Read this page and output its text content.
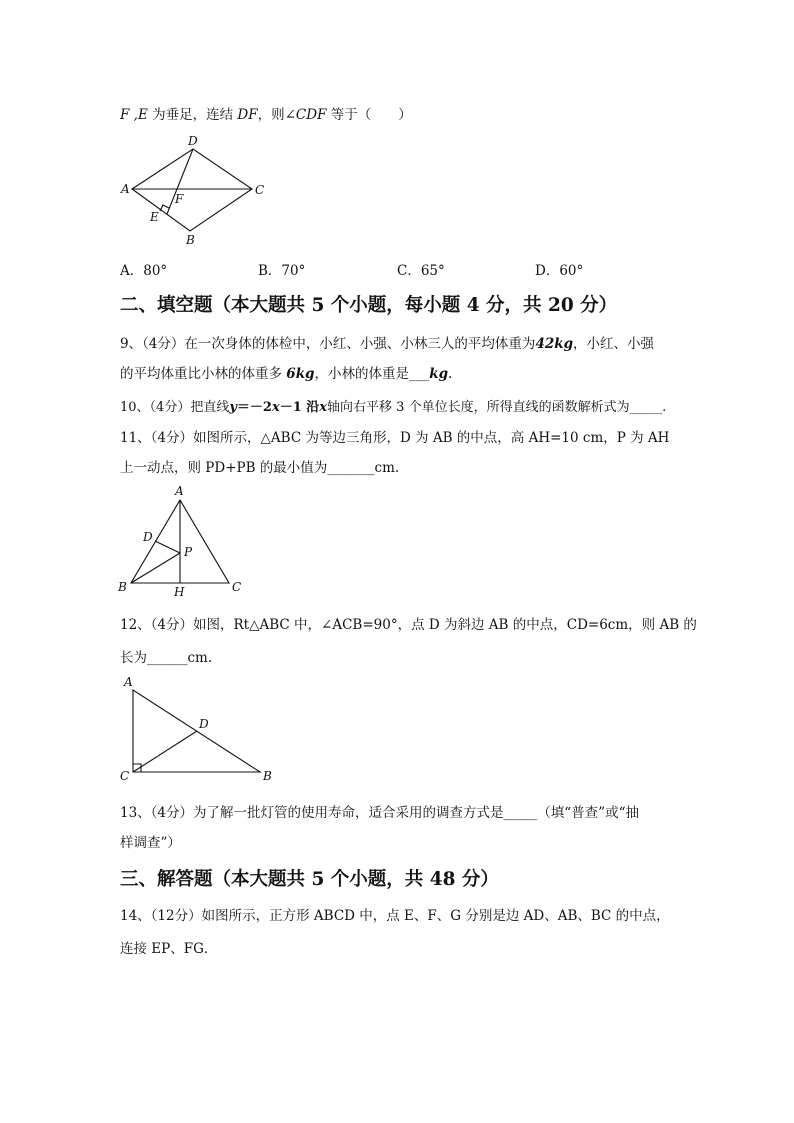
F ,E 为垂足，连结 DF，则∠CDF 等于（　　）
D
A	C
F
E
B
A．80°	B．70°	C．65°	D．60°
二、填空题（本大题共 5 个小题，每小题 4 分，共 20 分）
9、（4分）在一次身体的体检中，小红、小强、小林三人的平均体重为42kg，小红、小强
的平均体重比小林的体重多 6kg，小林的体重是___kg.
10、（4分）把直线y＝－2x－1 沿x轴向右平移 3 个单位长度，所得直线的函数解析式为_____.
11、（4分）如图所示，△ABC 为等边三角形，D 为 AB 的中点，高 AH=10 cm，P 为 AH
上一动点，则 PD+PB 的最小值为_______cm.
A
D
P
B	H	C
12、（4分）如图，Rt△ABC 中，∠ACB=90°，点 D 为斜边 AB 的中点，CD=6cm，则 AB 的
长为______cm.
A
D
C	B
13、（4分）为了解一批灯管的使用寿命，适合采用的调查方式是_____（填“普查”或“抽
样调查”）
三、解答题（本大题共 5 个小题，共 48 分）
14、（12分）如图所示，正方形 ABCD 中，点 E、F、G 分别是边 AD、AB、BC 的中点，
连接 EP、FG．
